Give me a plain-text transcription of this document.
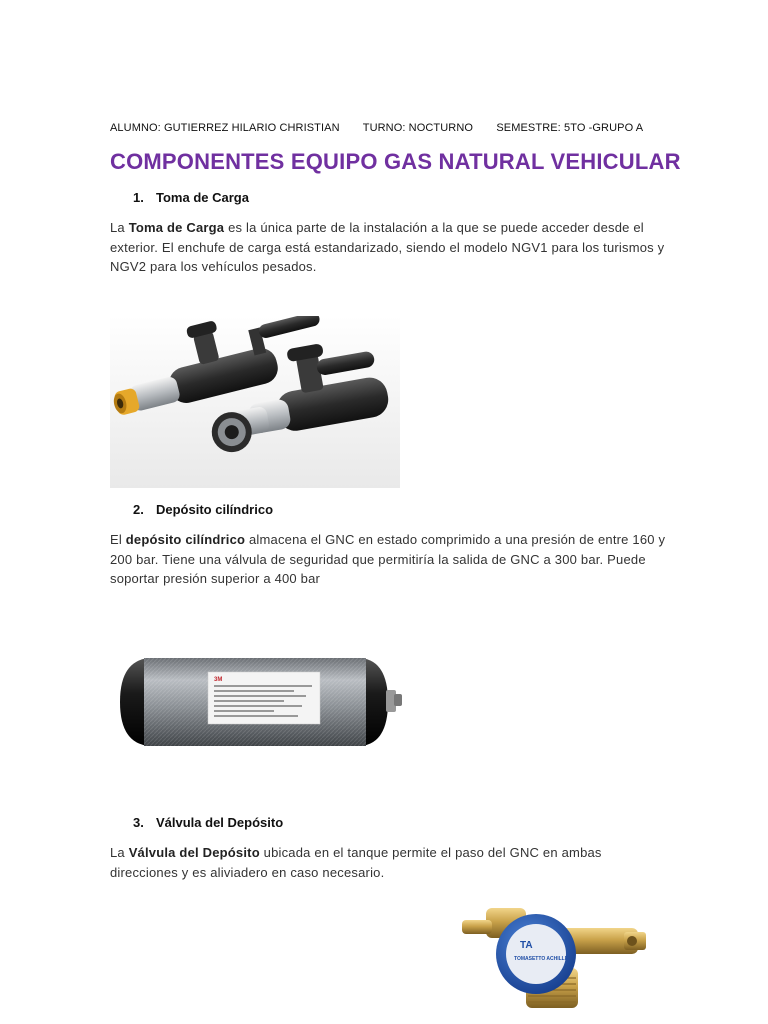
ALUMNO: GUTIERREZ HILARIO CHRISTIAN TURNO: NOCTURNO SEMESTRE: 5TO -GRUPO A
COMPONENTES EQUIPO GAS NATURAL VEHICULAR
1. Toma de Carga
La Toma de Carga es la única parte de la instalación a la que se puede acceder desde el exterior. El enchufe de carga está estandarizado, siendo el modelo NGV1 para los turismos y NGV2 para los vehículos pesados.
2. Depósito cilíndrico
El depósito cilíndrico almacena el GNC en estado comprimido a una presión de entre 160 y 200 bar. Tiene una válvula de seguridad que permitiría la salida de GNC a 300 bar. Puede soportar presión superior a 400 bar
3M
3. Válvula del Depósito
La Válvula del Depósito ubicada en el tanque permite el paso del GNC en ambas direcciones y es aliviadero en caso necesario.
TA
TOMASETTO ACHILLE
